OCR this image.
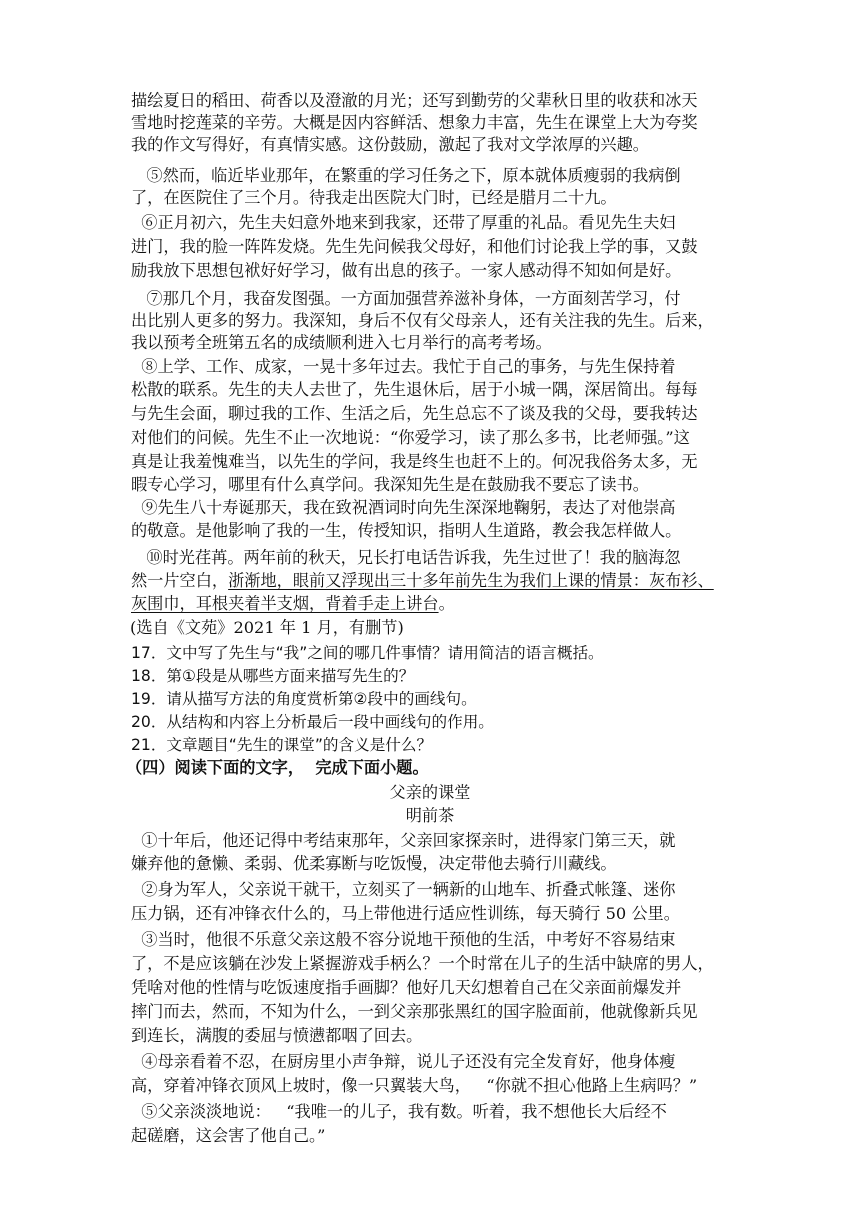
描绘夏日的稻田、荷香以及澄澈的月光；还写到勤劳的父辈秋日里的收获和冰天
雪地时挖莲菜的辛劳。大概是因内容鲜活、想象力丰富，先生在课堂上大为夸奖
我的作文写得好，有真情实感。这份鼓励，激起了我对文学浓厚的兴趣。
⑤然而，临近毕业那年，在繁重的学习任务之下，原本就体质瘦弱的我病倒
了，在医院住了三个月。待我走出医院大门时，已经是腊月二十九。
⑥正月初六，先生夫妇意外地来到我家，还带了厚重的礼品。看见先生夫妇
进门，我的脸一阵阵发烧。先生先问候我父母好，和他们讨论我上学的事，又鼓
励我放下思想包袱好好学习，做有出息的孩子。一家人感动得不知如何是好。
⑦那几个月，我奋发图强。一方面加强营养滋补身体，一方面刻苦学习，付
出比别人更多的努力。我深知，身后不仅有父母亲人，还有关注我的先生。后来，
我以预考全班第五名的成绩顺利进入七月举行的高考考场。
⑧上学、工作、成家，一晃十多年过去。我忙于自己的事务，与先生保持着
松散的联系。先生的夫人去世了，先生退休后，居于小城一隅，深居简出。每每
与先生会面，聊过我的工作、生活之后，先生总忘不了谈及我的父母，要我转达
对他们的问候。先生不止一次地说：“你爱学习，读了那么多书，比老师强。”这
真是让我羞愧难当，以先生的学问，我是终生也赶不上的。何况我俗务太多，无
暇专心学习，哪里有什么真学问。我深知先生是在鼓励我不要忘了读书。
⑨先生八十寿诞那天，我在致祝酒词时向先生深深地鞠躬，表达了对他崇高
的敬意。是他影响了我的一生，传授知识，指明人生道路，教会我怎样做人。
⑩时光荏苒。两年前的秋天，兄长打电话告诉我，先生过世了！我的脑海忽
然一片空白，浙渐地，眼前又浮现出三十多年前先生为我们上课的情景：灰布衫、
灰围巾，耳根夹着半支烟，背着手走上讲台。
(选自《文苑》2021 年 1 月，有删节)
17．文中写了先生与“我”之间的哪几件事情？请用简洁的语言概括。
18．第①段是从哪些方面来描写先生的？
19．请从描写方法的角度赏析第②段中的画线句。
20．从结构和内容上分析最后一段中画线句的作用。
21．文章题目“先生的课堂”的含义是什么？
（四）阅读下面的文字，  完成下面小题。
父亲的课堂
明前茶
①十年后，他还记得中考结束那年，父亲回家探亲时，进得家门第三天，就
嫌弃他的惫懒、柔弱、优柔寡断与吃饭慢，决定带他去骑行川藏线。
②身为军人，父亲说干就干，立刻买了一辆新的山地车、折叠式帐篷、迷你
压力锅，还有冲锋衣什么的，马上带他进行适应性训练，每天骑行 50 公里。
③当时，他很不乐意父亲这般不容分说地干预他的生活，中考好不容易结束
了，不是应该躺在沙发上紧握游戏手柄么？一个时常在儿子的生活中缺席的男人，
凭啥对他的性情与吃饭速度指手画脚？他好几天幻想着自己在父亲面前爆发并
摔门而去，然而，不知为什么，一到父亲那张黑红的国字脸面前，他就像新兵见
到连长，满腹的委屈与愤懑都咽了回去。
④母亲看着不忍，在厨房里小声争辩，说儿子还没有完全发育好，他身体瘦
高，穿着冲锋衣顶风上坡时，像一只翼装大鸟，   “你就不担心他路上生病吗？”
⑤父亲淡淡地说：   “我唯一的儿子，我有数。听着，我不想他长大后经不
起磋磨，这会害了他自己。”
